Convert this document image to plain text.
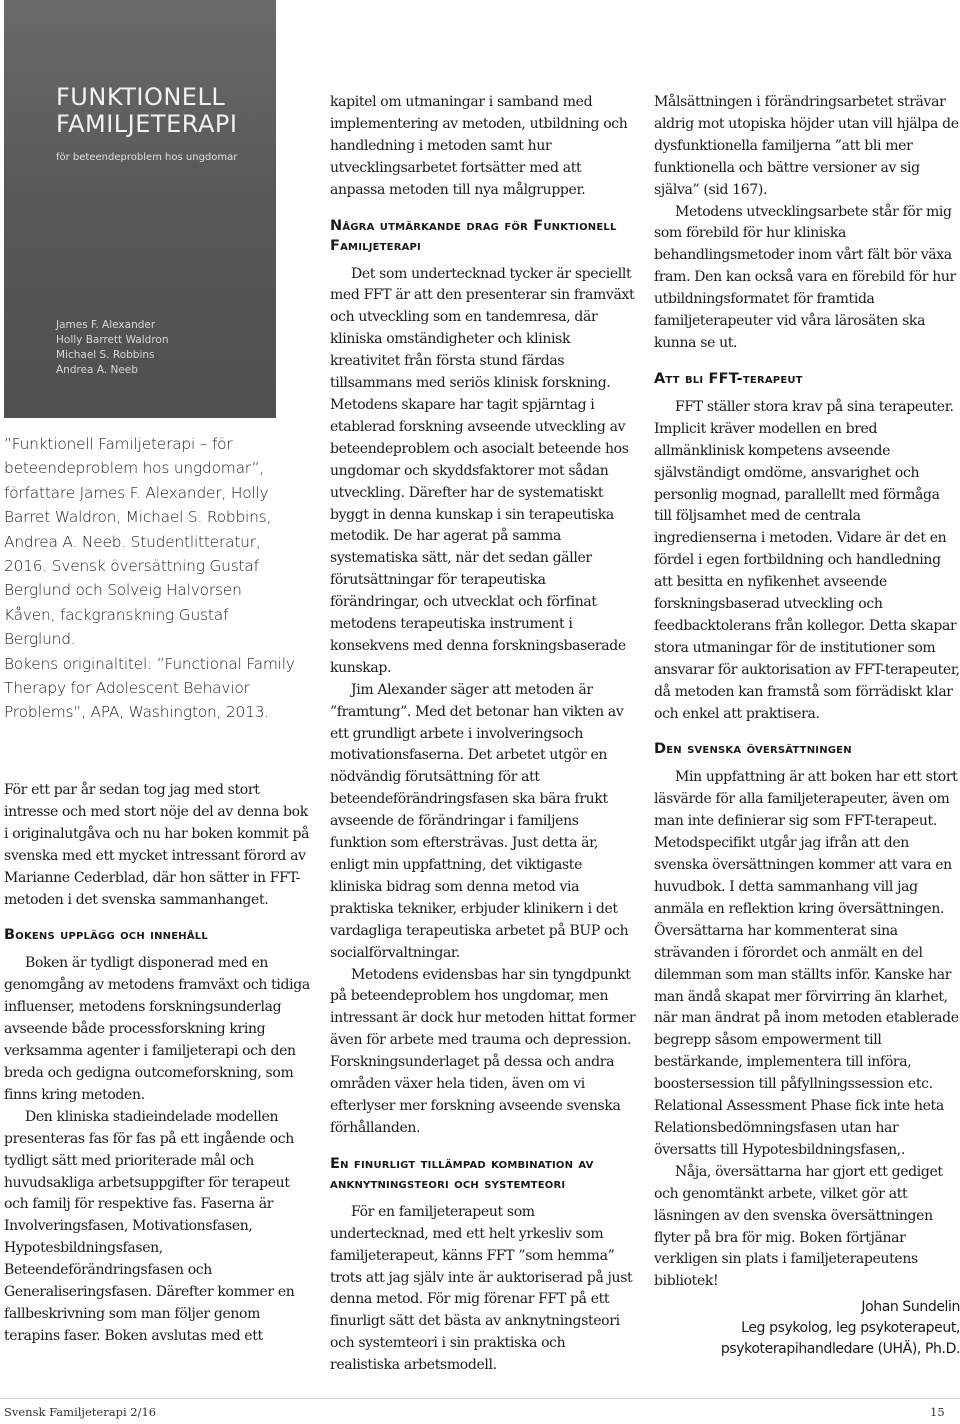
FUNKTIONELL
FAMILJETERAPI
för beteendeproblem hos ungdomar
James F. Alexander
Holly Barrett Waldron
Michael S. Robbins
Andrea A. Neeb

”Funktionell Familjeterapi – för

beteendeproblem hos ungdomar”,

författare James F. Alexander, Holly

Barret Waldron, Michael S. Robbins,

Andrea A. Neeb. Studentlitteratur,

2016. Svensk översättning Gustaf

Berglund och Solveig Halvorsen

Kåven, fackgranskning Gustaf Berglund.

Bokens originaltitel: ”Functional Family

Therapy for Adolescent Behavior

Problems”, APA, Washington, 2013.

För ett par år sedan tog jag med stort intresse och med stort nöje del av denna bok i originalutgåva och nu har boken kommit på svenska med ett mycket intressant förord av Marianne Cederblad, där hon sätter in FFT-metoden i det svenska sammanhanget.

Bokens upplägg och innehåll

Boken är tydligt disponerad med en genomgång av metodens framväxt och tidiga influenser, metodens forskningsunderlag avseende både processforskning kring verksamma agenter i familjeterapi och den breda och gedigna outcomeforskning, som finns kring metoden.

Den kliniska stadieindelade modellen presenteras fas för fas på ett ingående och tydligt sätt med prioriterade mål och huvudsakliga arbetsuppgifter för terapeut och familj för respektive fas. Faserna är Involveringsfasen, Motivationsfasen, Hypotesbildningsfasen, Beteendeförändringsfasen och Generaliseringsfasen. Därefter kommer en fallbeskrivning som man följer genom terapins faser. Boken avslutas med ett

kapitel om utmaningar i samband med implementering av metoden, utbildning och handledning i metoden samt hur utvecklingsarbetet fortsätter med att anpassa metoden till nya målgrupper.

Några utmärkande drag för Funktionell Familjeterapi

Det som undertecknad tycker är speciellt med FFT är att den presenterar sin framväxt och utveckling som en tandemresa, där kliniska omständigheter och klinisk kreativitet från första stund färdas tillsammans med seriös klinisk forskning. Metodens skapare har tagit spjärntag i etablerad forskning avseende utveckling av beteendeproblem och asocialt beteende hos ungdomar och skyddsfaktorer mot sådan utveckling. Därefter har de systematiskt byggt in denna kunskap i sin terapeutiska metodik. De har agerat på samma systematiska sätt, när det sedan gäller förutsättningar för terapeutiska förändringar, och utvecklat och förfinat metodens terapeutiska instrument i konsekvens med denna forskningsbaserade kunskap.

Jim Alexander säger att metoden är ”framtung”. Med det betonar han vikten av ett grundligt arbete i involveringsoch motivationsfaserna. Det arbetet utgör en nödvändig förutsättning för att beteendeförändringsfasen ska bära frukt avseende de förändringar i familjens funktion som eftersträvas. Just detta är, enligt min uppfattning, det viktigaste kliniska bidrag som denna metod via praktiska tekniker, erbjuder klinikern i det vardagliga terapeutiska arbetet på BUP och socialförvaltningar.

Metodens evidensbas har sin tyngdpunkt på beteendeproblem hos ungdomar, men intressant är dock hur metoden hittat former även för arbete med trauma och depression. Forskningsunderlaget på dessa och andra områden växer hela tiden, även om vi efterlyser mer forskning avseende svenska förhållanden.

En finurligt tillämpad kombination av anknytningsteori och systemteori

För en familjeterapeut som undertecknad, med ett helt yrkesliv som familjeterapeut, känns FFT ”som hemma” trots att jag själv inte är auktoriserad på just denna metod. För mig förenar FFT på ett finurligt sätt det bästa av anknytningsteori och systemteori i sin praktiska och realistiska arbetsmodell.

Målsättningen i förändringsarbetet strävar aldrig mot utopiska höjder utan vill hjälpa de dysfunktionella familjerna ”att bli mer funktionella och bättre versioner av sig själva” (sid 167).

Metodens utvecklingsarbete står för mig som förebild för hur kliniska behandlingsmetoder inom vårt fält bör växa fram. Den kan också vara en förebild för hur utbildningsformatet för framtida familjeterapeuter vid våra lärosäten ska kunna se ut.

Att bli FFT-terapeut

FFT ställer stora krav på sina terapeuter. Implicit kräver modellen en bred allmänklinisk kompetens avseende självständigt omdöme, ansvarighet och personlig mognad, parallellt med förmåga till följsamhet med de centrala ingredienserna i metoden. Vidare är det en fördel i egen fortbildning och handledning att besitta en nyfikenhet avseende forskningsbaserad utveckling och feedbacktolerans från kollegor. Detta skapar stora utmaningar för de institutioner som ansvarar för auktorisation av FFT-terapeuter, då metoden kan framstå som förrädiskt klar och enkel att praktisera.

Den svenska översättningen

Min uppfattning är att boken har ett stort läsvärde för alla familjeterapeuter, även om man inte definierar sig som FFT-terapeut. Metodspecifikt utgår jag ifrån att den svenska översättningen kommer att vara en huvudbok. I detta sammanhang vill jag anmäla en reflektion kring översättningen. Översättarna har kommenterat sina strävanden i förordet och anmält en del dilemman som man ställts inför. Kanske har man ändå skapat mer förvirring än klarhet, när man ändrat på inom metoden etablerade begrepp såsom empowerment till bestärkande, implementera till införa, boostersession till påfyllningssession etc. Relational Assessment Phase fick inte heta Relationsbedömningsfasen utan har översatts till Hypotesbildningsfasen,.

Nåja, översättarna har gjort ett gediget och genomtänkt arbete, vilket gör att läsningen av den svenska översättningen flyter på bra för mig. Boken förtjänar verkligen sin plats i familjeterapeutens bibliotek!

Johan Sundelin
Leg psykolog, leg psykoterapeut,
psykoterapihandledare (UHÄ), Ph.D.

Svensk Familjeterapi 2/16	15
